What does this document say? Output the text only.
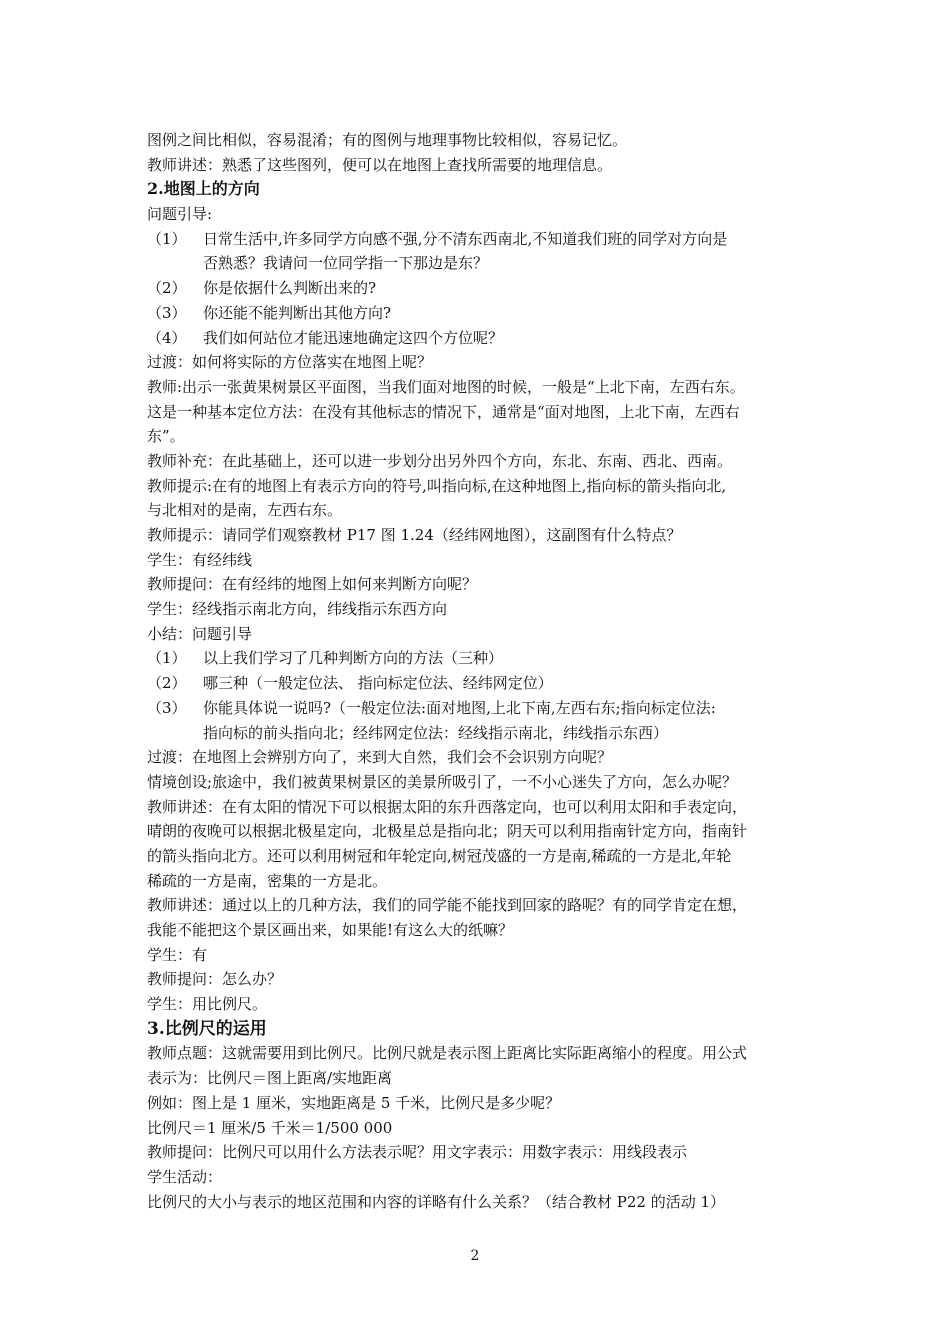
图例之间比相似，容易混淆；有的图例与地理事物比较相似，容易记忆。
教师讲述：熟悉了这些图列，便可以在地图上查找所需要的地理信息。
2.地图上的方向
问题引导:
（1） 日常生活中,许多同学方向感不强,分不清东西南北,不知道我们班的同学对方向是
否熟悉？我请问一位同学指一下那边是东？
（2） 你是依据什么判断出来的?
（3） 你还能不能判断出其他方向?
（4） 我们如何站位才能迅速地确定这四个方位呢？
过渡：如何将实际的方位落实在地图上呢？
教师:出示一张黄果树景区平面图，当我们面对地图的时候，一般是“上北下南，左西右东。
这是一种基本定位方法：在没有其他标志的情况下，通常是“面对地图，上北下南，左西右
东”。
教师补充：在此基础上，还可以进一步划分出另外四个方向，东北、东南、西北、西南。
教师提示:在有的地图上有表示方向的符号,叫指向标,在这种地图上,指向标的箭头指向北,
与北相对的是南，左西右东。
教师提示：请同学们观察教材 P17 图 1.24（经纬网地图），这副图有什么特点？
学生：有经纬线
教师提问：在有经纬的地图上如何来判断方向呢？
学生：经线指示南北方向，纬线指示东西方向
小结：问题引导
（1） 以上我们学习了几种判断方向的方法（三种）
（2） 哪三种（一般定位法、 指向标定位法、经纬网定位）
（3） 你能具体说一说吗?（一般定位法:面对地图,上北下南,左西右东;指向标定位法:
指向标的前头指向北；经纬网定位法：经线指示南北，纬线指示东西）
过渡：在地图上会辨别方向了，来到大自然，我们会不会识别方向呢？
情境创设;旅途中，我们被黄果树景区的美景所吸引了，一不小心迷失了方向，怎么办呢？
教师讲述：在有太阳的情况下可以根据太阳的东升西落定向，也可以利用太阳和手表定向，
晴朗的夜晚可以根据北极星定向，北极星总是指向北；阴天可以利用指南针定方向，指南针
的箭头指向北方。还可以利用树冠和年轮定向,树冠茂盛的一方是南,稀疏的一方是北,年轮
稀疏的一方是南，密集的一方是北。
教师讲述：通过以上的几种方法，我们的同学能不能找到回家的路呢？有的同学肯定在想，
我能不能把这个景区画出来，如果能!有这么大的纸嘛？
学生：有
教师提问：怎么办？
学生：用比例尺。
3.比例尺的运用
教师点题：这就需要用到比例尺。比例尺就是表示图上距离比实际距离缩小的程度。用公式
表示为：比例尺＝图上距离/实地距离
例如：图上是 1 厘米，实地距离是 5 千米，比例尺是多少呢？
比例尺＝1 厘米/5 千米＝1/500 000
教师提问：比例尺可以用什么方法表示呢？用文字表示：用数字表示：用线段表示
学生活动：
比例尺的大小与表示的地区范围和内容的详略有什么关系？（结合教材 P22 的活动 1）
2
